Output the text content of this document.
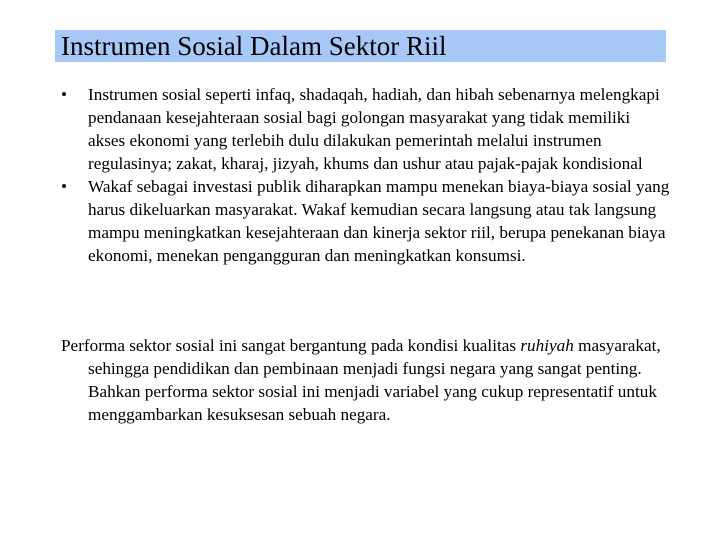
Instrumen Sosial Dalam Sektor Riil
•	Instrumen sosial seperti infaq, shadaqah, hadiah, dan hibah sebenarnya melengkapi pendanaan kesejahteraan sosial bagi golongan masyarakat yang tidak memiliki akses ekonomi yang terlebih dulu dilakukan pemerintah melalui instrumen regulasinya; zakat, kharaj, jizyah, khums dan ushur atau pajak-pajak kondisional
•	Wakaf sebagai investasi publik diharapkan mampu menekan biaya-biaya sosial yang harus dikeluarkan masyarakat. Wakaf kemudian secara langsung atau tak langsung mampu meningkatkan kesejahteraan dan kinerja sektor riil, berupa penekanan biaya ekonomi, menekan pengangguran dan meningkatkan konsumsi.

Performa sektor sosial ini sangat bergantung pada kondisi kualitas ruhiyah masyarakat, sehingga pendidikan dan pembinaan menjadi fungsi negara yang sangat penting. Bahkan performa sektor sosial ini menjadi variabel yang cukup representatif untuk menggambarkan kesuksesan sebuah negara.
